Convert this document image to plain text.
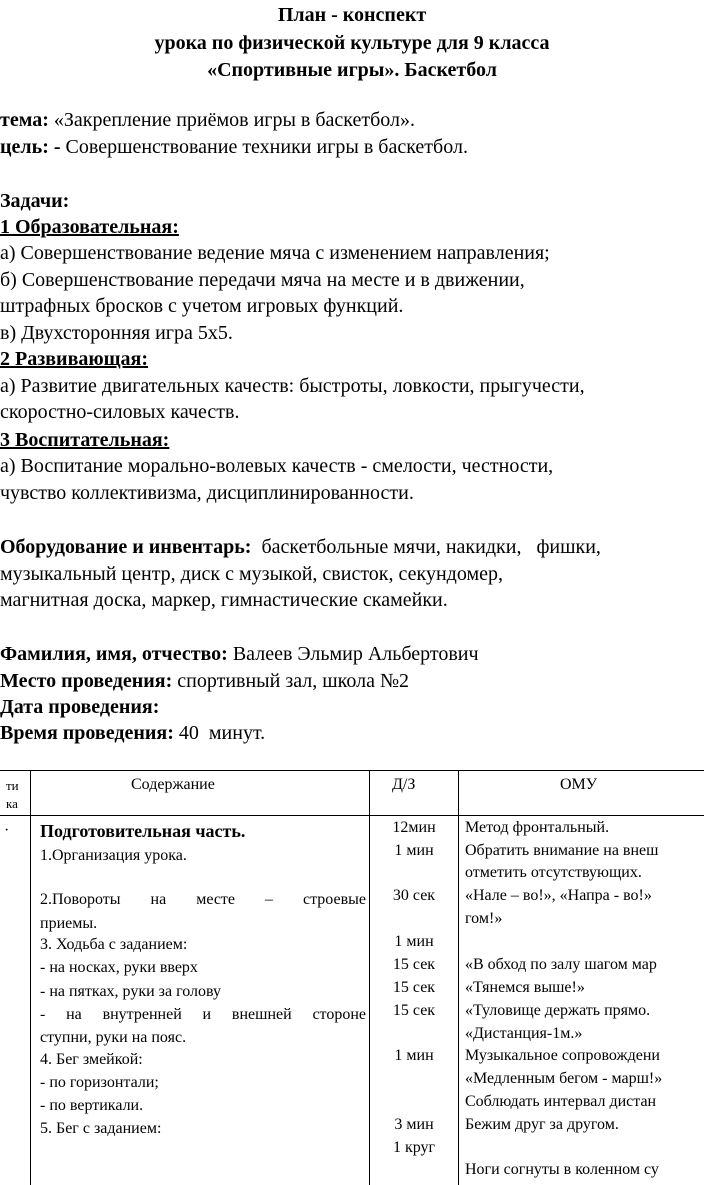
План - конспект
урока по физической культуре для 9 класса
«Спортивные игры». Баскетбол
тема: «Закрепление приёмов игры в баскетбол».
цель: - Совершенствование техники игры в баскетбол.
Задачи:
1 Образовательная:
а) Совершенствование ведение мяча с изменением направления;
б) Совершенствование передачи мяча на месте и в движении,
штрафных бросков с учетом игровых функций.
в) Двухсторонняя игра 5х5.
2 Развивающая:
а) Развитие двигательных качеств: быстроты, ловкости, прыгучести,
скоростно-силовых качеств.
3 Воспитательная:
а) Воспитание морально-волевых качеств - смелости, честности,
чувство коллективизма, дисциплинированности.
Оборудование и инвентарь:  баскетбольные мячи, накидки,   фишки,
музыкальный центр, диск с музыкой, свисток, секундомер,
магнитная доска, маркер, гимнастические скамейки.
Фамилия, имя, отчество: Валеев Эльмир Альбертович
Место проведения: спортивный зал, школа №2
Дата проведения:
Время проведения: 40  минут.
ти
ка
Содержание	Д/З	ОМУ
· Подготовительная часть.
1.Организация урока.
2.Повороты на месте – строевые
приемы.
3. Ходьба с заданием:
- на носках, руки вверх
- на пятках, руки за голову
- на внутренней и внешней стороне
ступни, руки на пояс.
4. Бег змейкой:
- по горизонтали;
- по вертикали.
5. Бег с заданием:
12мин
1 мин
30 сек
1 мин
15 сек
15 сек
15 сек
1 мин
3 мин
1 круг
Метод фронтальный.
Обратить внимание на внеш
отметить отсутствующих.
«Нале – во!», «Напра - во!»
гом!»
«В обход по залу шагом мар
«Тянемся выше!»
«Туловище держать прямо.
«Дистанция-1м.»
Музыкальное сопровождени
«Медленным бегом - марш!»
Соблюдать интервал дистан
Бежим друг за другом.
Ноги согнуты в коленном су
